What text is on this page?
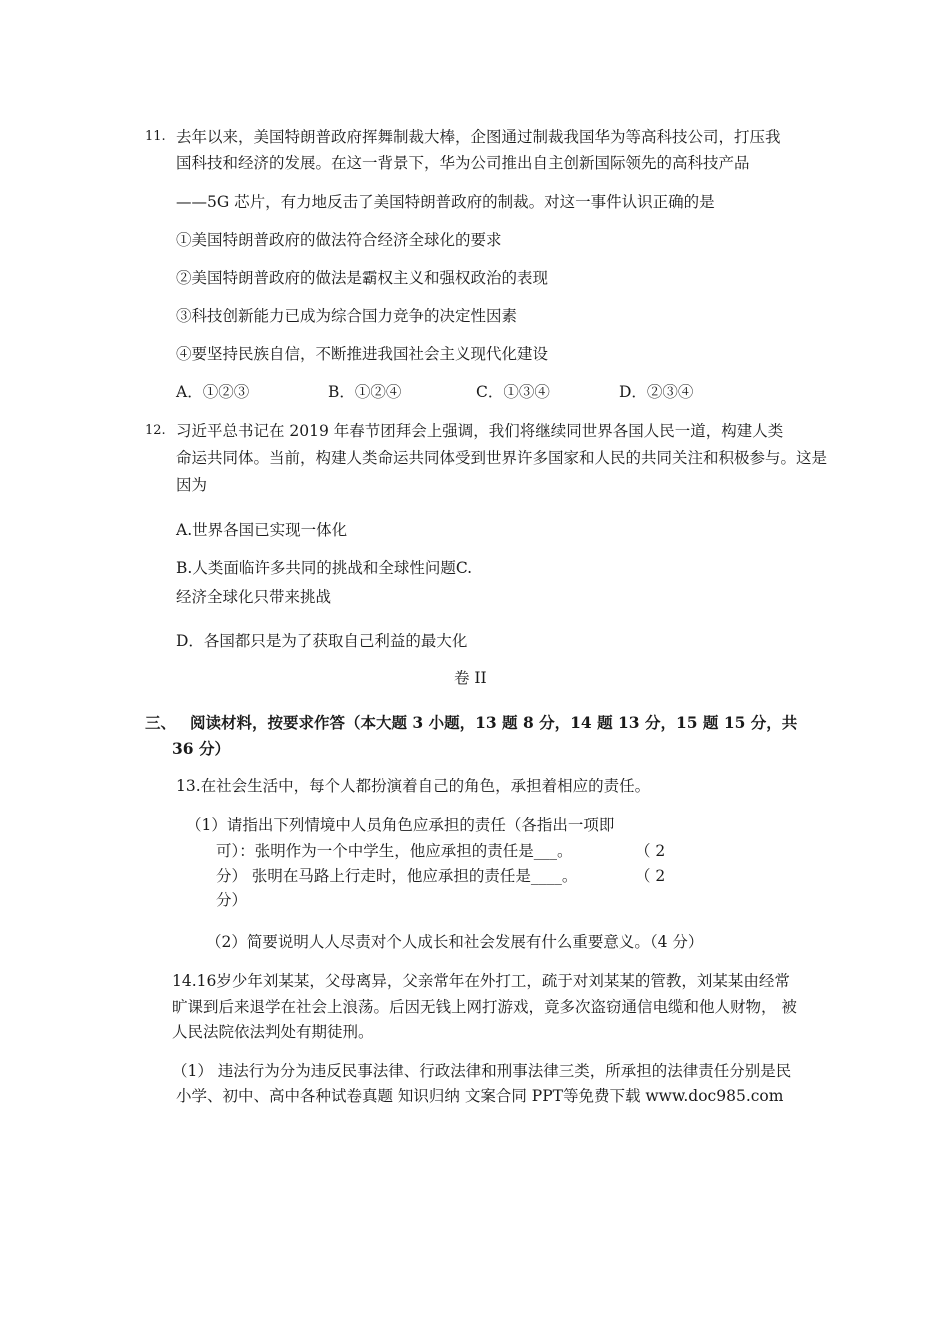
11. 去年以来，美国特朗普政府挥舞制裁大棒，企图通过制裁我国华为等高科技公司，打压我
国科技和经济的发展。在这一背景下，华为公司推出自主创新国际领先的高科技产品
——5G 芯片，有力地反击了美国特朗普政府的制裁。对这一事件认识正确的是
①美国特朗普政府的做法符合经济全球化的要求
②美国特朗普政府的做法是霸权主义和强权政治的表现
③科技创新能力已成为综合国力竞争的决定性因素
④要坚持民族自信，不断推进我国社会主义现代化建设
A．①②③	B．①②④	C．①③④	D．②③④
12. 习近平总书记在 2019 年春节团拜会上强调，我们将继续同世界各国人民一道，构建人类
命运共同体。当前，构建人类命运共同体受到世界许多国家和人民的共同关注和积极参与。这是
因为
A.世界各国已实现一体化
B.人类面临许多共同的挑战和全球性问题C.
经济全球化只带来挑战
D．各国都只是为了获取自己利益的最大化
卷 II
三、 阅读材料，按要求作答（本大题 3 小题，13 题 8 分，14 题 13 分，15 题 15 分，共
36 分）
13.在社会生活中，每个人都扮演着自己的角色，承担着相应的责任。
（1）请指出下列情境中人员角色应承担的责任（各指出一项即
可）：张明作为一个中学生，他应承担的责任是___。	（ 2
分） 张明在马路上行走时，他应承担的责任是____。	（ 2
分）
（2）简要说明人人尽责对个人成长和社会发展有什么重要意义。（4 分）
14.16岁少年刘某某，父母离异，父亲常年在外打工，疏于对刘某某的管教，刘某某由经常
旷课到后来退学在社会上浪荡。后因无钱上网打游戏，竟多次盗窃通信电缆和他人财物， 被
人民法院依法判处有期徒刑。
（1） 违法行为分为违反民事法律、行政法律和刑事法律三类，所承担的法律责任分别是民
小学、初中、高中各种试卷真题 知识归纳 文案合同 PPT等免费下载 www.doc985.com
